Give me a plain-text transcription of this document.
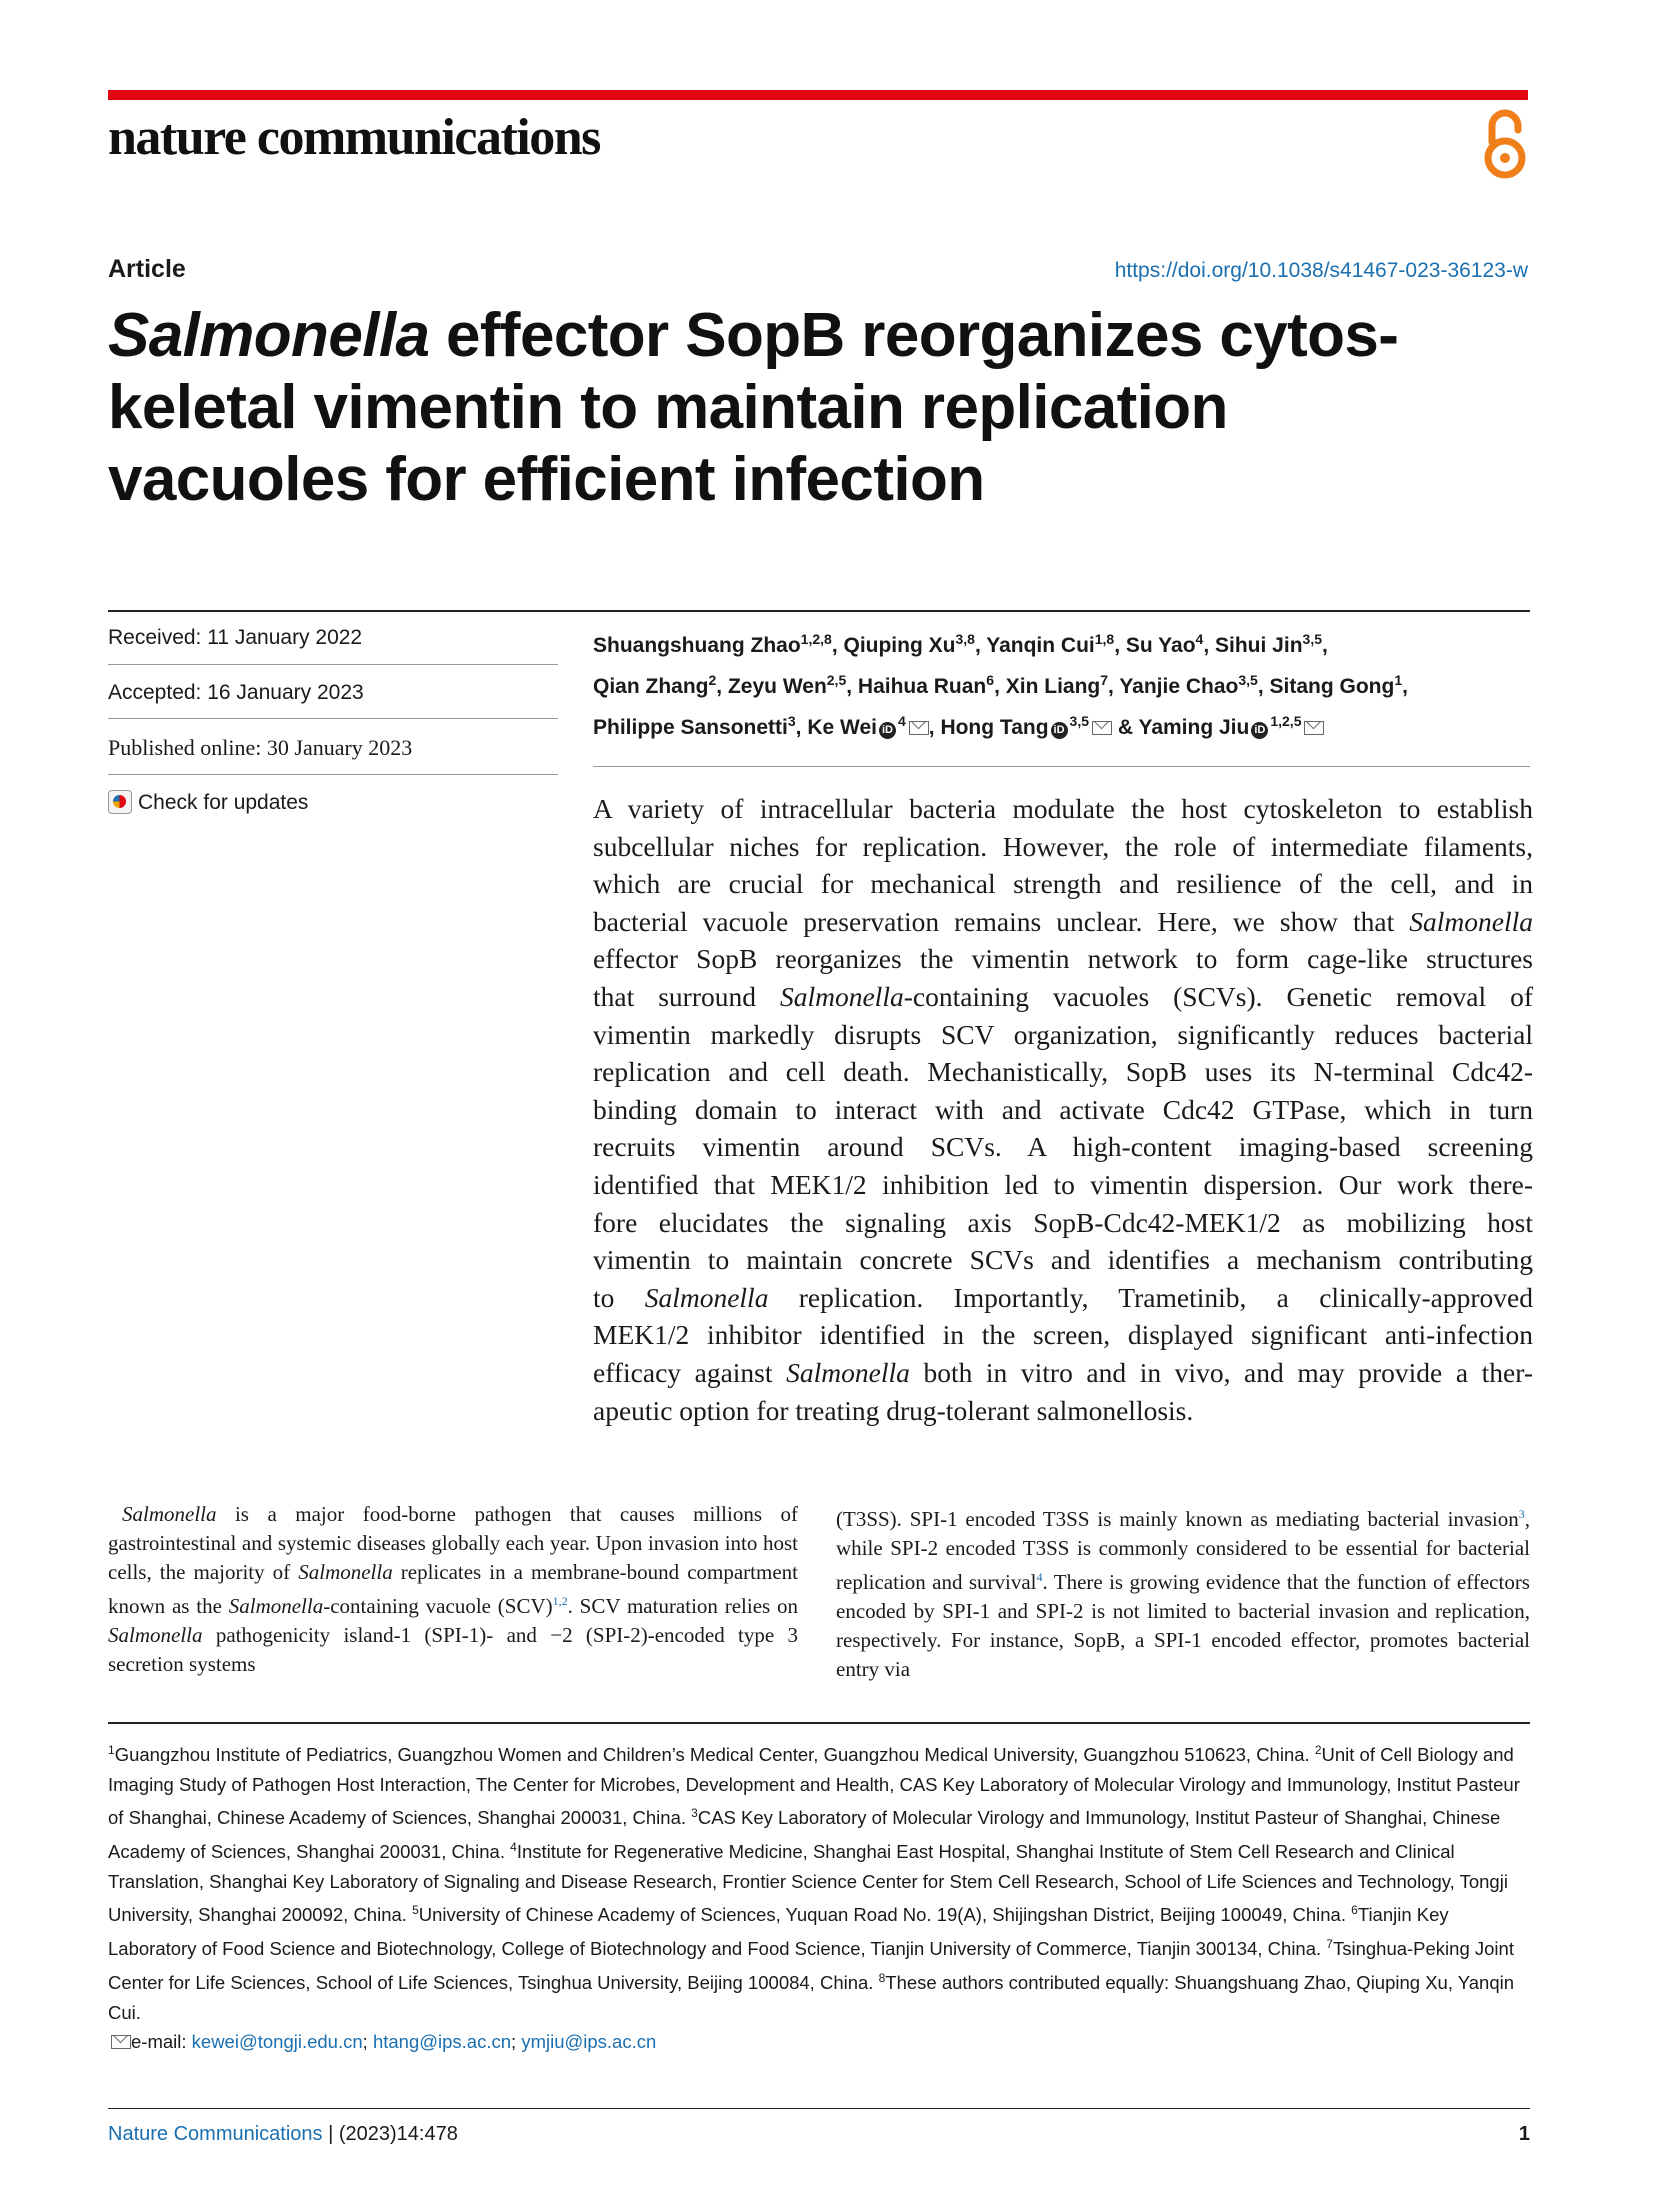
nature communications
Article	https://doi.org/10.1038/s41467-023-36123-w
Salmonella effector SopB reorganizes cytos-
keletal vimentin to maintain replication
vacuoles for efficient infection
Received: 11 January 2022
Accepted: 16 January 2023
Published online: 30 January 2023
Check for updates
Shuangshuang Zhao$^{1,2,8}$, Qiuping Xu$^{3,8}$, Yanqin Cui$^{1,8}$, Su Yao$^4$, Sihui Jin$^{3,5}$,
Qian Zhang$^2$, Zeyu Wen$^{2,5}$, Haihua Ruan$^6$, Xin Liang$^7$, Yanjie Chao$^{3,5}$, Sitang Gong$^1$,
Philippe Sansonetti$^3$, Ke Wei $iD^4$ , Hong Tang iD$^{3,5}$ & Yaming Jiu iD$^{1,2,5}$
A variety of intracellular bacteria modulate the host cytoskeleton to establish
subcellular niches for replication. However, the role of intermediate filaments,
which are crucial for mechanical strength and resilience of the cell, and in
bacterial vacuole preservation remains unclear. Here, we show that Salmonella
effector SopB reorganizes the vimentin network to form cage-like structures
that surround Salmonella-containing vacuoles (SCVs). Genetic removal of
vimentin markedly disrupts SCV organization, significantly reduces bacterial
replication and cell death. Mechanistically, SopB uses its N-terminal Cdc42-
binding domain to interact with and activate Cdc42 GTPase, which in turn
recruits vimentin around SCVs. A high-content imaging-based screening
identified that MEK1/2 inhibition led to vimentin dispersion. Our work there-
fore elucidates the signaling axis SopB-Cdc42-MEK1/2 as mobilizing host
vimentin to maintain concrete SCVs and identifies a mechanism contributing
to Salmonella replication. Importantly, Trametinib, a clinically-approved
MEK1/2 inhibitor identified in the screen, displayed significant anti-infection
efficacy against Salmonella both in vitro and in vivo, and may provide a ther-
apeutic option for treating drug-tolerant salmonellosis.

Salmonella is a major food-borne pathogen that causes millions of gastrointestinal and systemic diseases globally each year. Upon invasion into host cells, the majority of Salmonella replicates in a membrane-bound compartment known as the Salmonella-containing vacuole (SCV)$^{1,2}$. SCV maturation relies on Salmonella pathogenicity island-1 (SPI-1)- and −2 (SPI-2)-encoded type 3 secretion systems

(T3SS). SPI-1 encoded T3SS is mainly known as mediating bacterial invasion$^3$, while SPI-2 encoded T3SS is commonly considered to be essential for bacterial replication and survival$^4$. There is growing evidence that the function of effectors encoded by SPI-1 and SPI-2 is not limited to bacterial invasion and replication, respectively. For instance, SopB, a SPI-1 encoded effector, promotes bacterial entry via

$^1$Guangzhou Institute of Pediatrics, Guangzhou Women and Children’s Medical Center, Guangzhou Medical University, Guangzhou 510623, China. $^2$Unit of Cell Biology and Imaging Study of Pathogen Host Interaction, The Center for Microbes, Development and Health, CAS Key Laboratory of Molecular Virology and Immunology, Institut Pasteur of Shanghai, Chinese Academy of Sciences, Shanghai 200031, China. $^3$CAS Key Laboratory of Molecular Virology and Immunology, Institut Pasteur of Shanghai, Chinese Academy of Sciences, Shanghai 200031, China. $^4$Institute for Regenerative Medicine, Shanghai East Hospital, Shanghai Institute of Stem Cell Research and Clinical Translation, Shanghai Key Laboratory of Signaling and Disease Research, Frontier Science Center for Stem Cell Research, School of Life Sciences and Technology, Tongji University, Shanghai 200092, China. $^5$University of Chinese Academy of Sciences, Yuquan Road No. 19(A), Shijingshan District, Beijing 100049, China. $^6$Tianjin Key Laboratory of Food Science and Biotechnology, College of Biotechnology and Food Science, Tianjin University of Commerce, Tianjin 300134, China. $^7$Tsinghua-Peking Joint Center for Life Sciences, School of Life Sciences, Tsinghua University, Beijing 100084, China. $^8$These authors contributed equally: Shuangshuang Zhao, Qiuping Xu, Yanqin Cui.
e-mail: kewei@tongji.edu.cn; htang@ips.ac.cn; ymjiu@ips.ac.cn
Nature Communications | (2023)14:478	1
